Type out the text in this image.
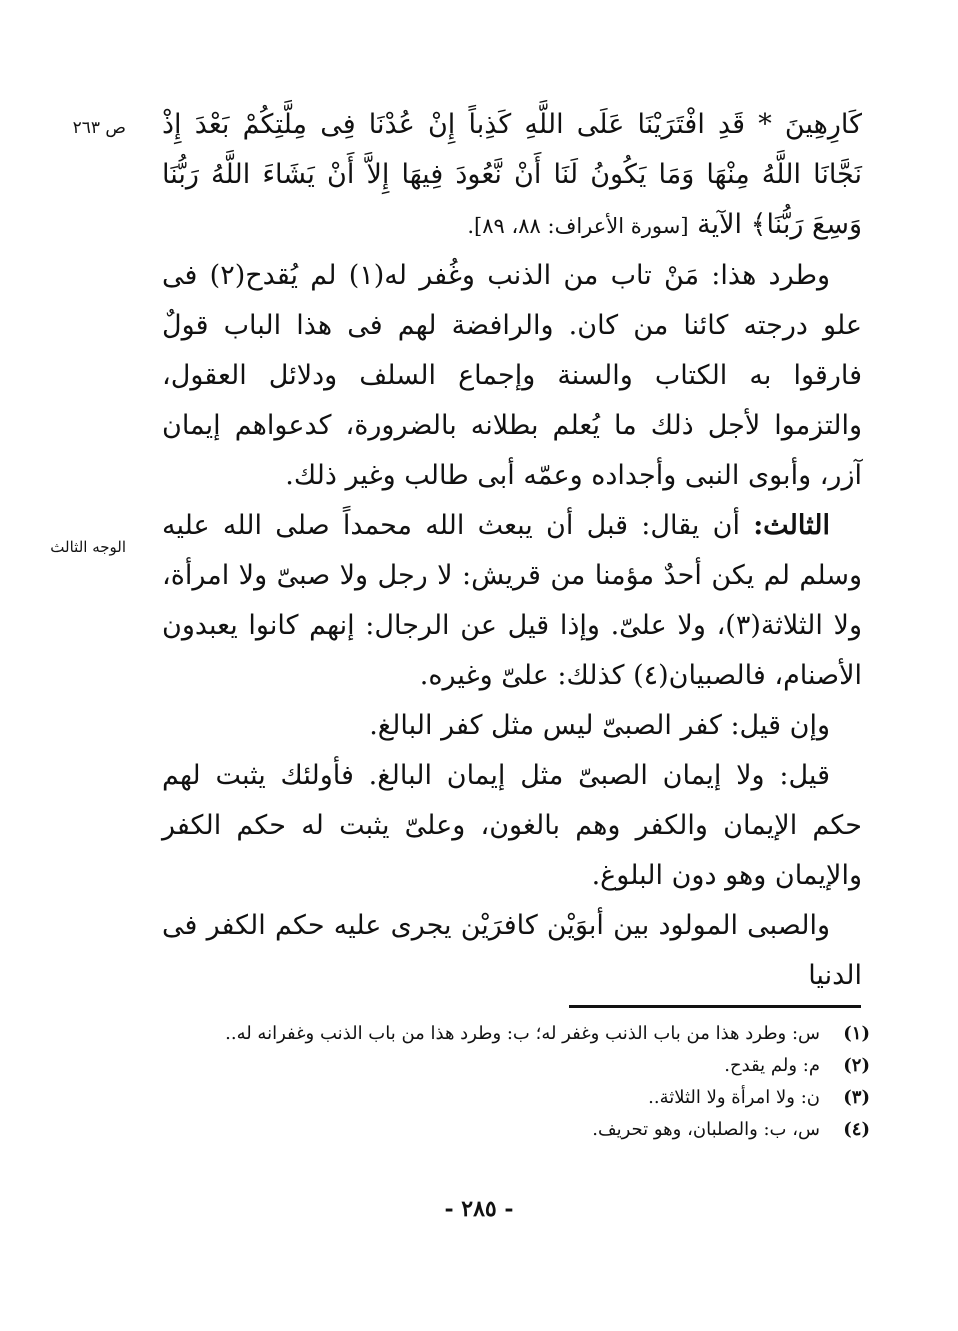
ص ٢٦٣
الوجه الثالث

كَارِهِينَ * قَدِ افْتَرَيْنَا عَلَى اللَّهِ كَذِباً إِنْ عُدْنَا فِى مِلَّتِكُمْ بَعْدَ إِذْ نَجَّانَا اللَّهُ مِنْهَا وَمَا يَكُونُ لَنَا أَنْ نَّعُودَ فِيهَا إِلاَّ أَنْ يَشَاءَ اللَّهُ رَبُّنَا وَسِعَ رَبُّنَا﴾ الآية [سورة الأعراف: ٨٨، ٨٩].

وطرد هذا: مَنْ تاب من الذنب وغُفر له(١) لم يُقدح(٢) فى علو درجته كائنا من كان. والرافضة لهم فى هذا الباب قولٌ فارقوا به الكتاب والسنة وإجماع السلف ودلائل العقول، والتزموا لأجل ذلك ما يُعلم بطلانه بالضرورة، كدعواهم إيمان آزر، وأبوى النبى وأجداده وعمّه أبى طالب وغير ذلك.

الثالث: أن يقال: قبل أن يبعث الله محمداً صلى الله عليه وسلم لم يكن أحدٌ مؤمنا من قريش: لا رجل ولا صبىّ ولا امرأة، ولا الثلاثة(٣)، ولا علىّ. وإذا قيل عن الرجال: إنهم كانوا يعبدون الأصنام، فالصبيان(٤) كذلك: علىّ وغيره.

وإن قيل: كفر الصبىّ ليس مثل كفر البالغ.

قيل: ولا إيمان الصبىّ مثل إيمان البالغ. فأولئك يثبت لهم حكم الإيمان والكفر وهم بالغون، وعلىّ يثبت له حكم الكفر والإيمان وهو دون البلوغ.

والصبى المولود بين أبوَيْن كافرَيْن يجرى عليه حكم الكفر فى الدنيا

(١)
س: وطرد هذا من باب الذنب وغفر له؛ ب: وطرد هذا من باب الذنب وغفرانه له..
(٢)
م: ولم يقدح.
(٣)
ن: ولا امرأة ولا الثلاثة..
(٤)
س، ب: والصلبان، وهو تحريف.
- ٢٨٥ -
